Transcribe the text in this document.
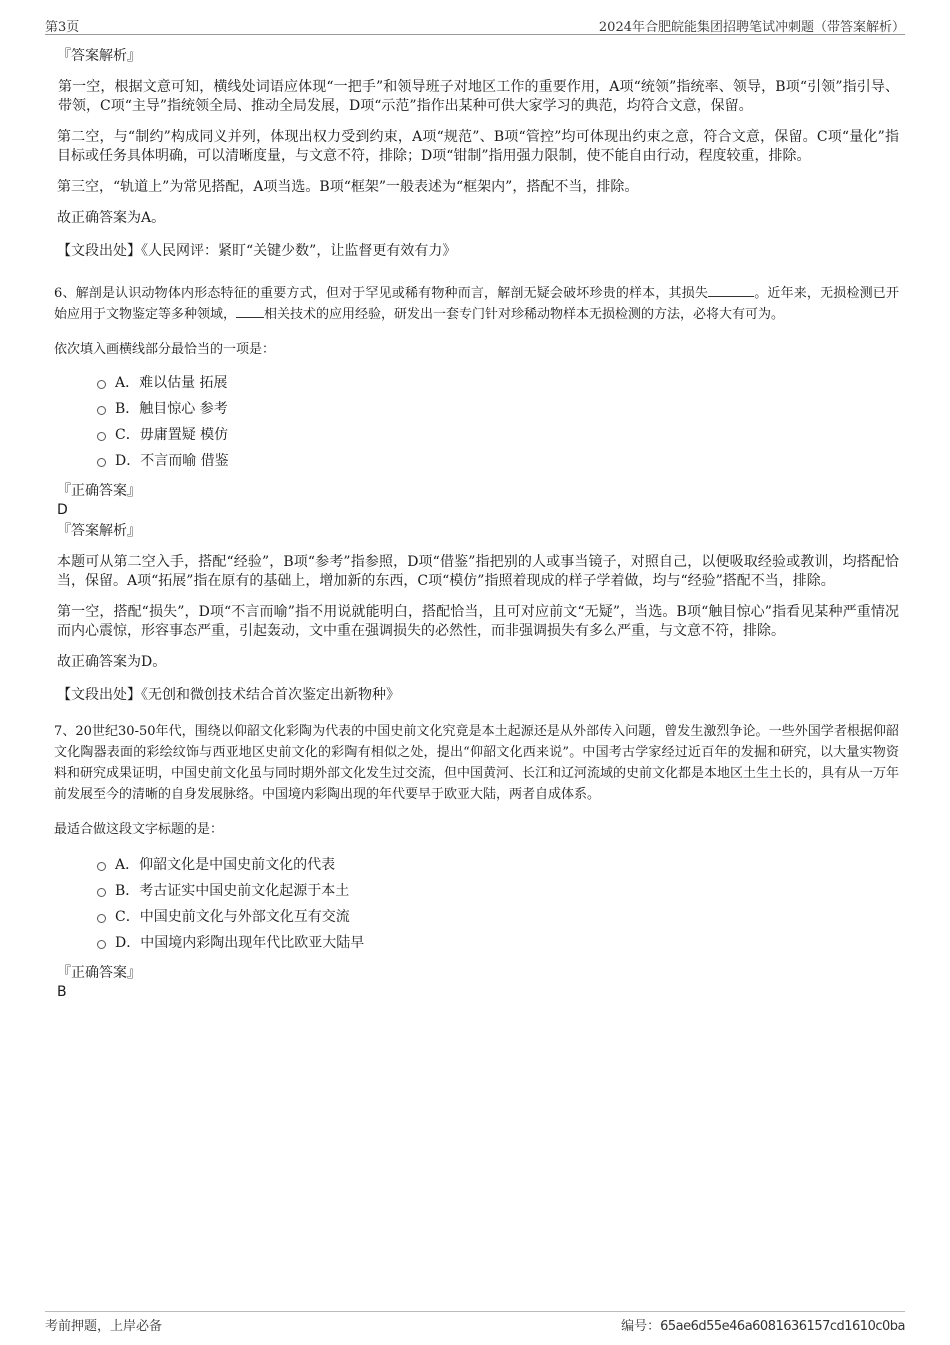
第3页	2024年合肥皖能集团招聘笔试冲刺题（带答案解析）

『答案解析』

第一空，根据文意可知，横线处词语应体现“一把手”和领导班子对地区工作的重要作用，A项“统领”指统率、领导，B项“引领”指引导、带领，C项“主导”指统领全局、推动全局发展，D项“示范”指作出某种可供大家学习的典范，均符合文意，保留。

第二空，与“制约”构成同义并列，体现出权力受到约束，A项“规范”、B项“管控”均可体现出约束之意，符合文意，保留。C项“量化”指目标或任务具体明确，可以清晰度量，与文意不符，排除；D项“钳制”指用强力限制，使不能自由行动，程度较重，排除。

第三空，“轨道上”为常见搭配，A项当选。B项“框架”一般表述为“框架内”，搭配不当，排除。

故正确答案为A。

【文段出处】《人民网评：紧盯“关键少数”，让监督更有效有力》

6、解剖是认识动物体内形态特征的重要方式，但对于罕见或稀有物种而言，解剖无疑会破坏珍贵的样本，其损失	。近年来，无损检测已开始应用于文物鉴定等多种领域， 相关技术的应用经验，研发出一套专门针对珍稀动物样本无损检测的方法，必将大有可为。

依次填入画横线部分最恰当的一项是：

A．难以估量 拓展
B．触目惊心 参考
C．毋庸置疑 模仿
D．不言而喻 借鉴

『正确答案』

D

『答案解析』

本题可从第二空入手，搭配“经验”，B项“参考”指参照，D项“借鉴”指把别的人或事当镜子，对照自己，以便吸取经验或教训，均搭配恰当，保留。A项“拓展”指在原有的基础上，增加新的东西，C项“模仿”指照着现成的样子学着做，均与“经验”搭配不当，排除。

第一空，搭配“损失”，D项“不言而喻”指不用说就能明白，搭配恰当，且可对应前文“无疑”，当选。B项“触目惊心”指看见某种严重情况而内心震惊，形容事态严重，引起轰动，文中重在强调损失的必然性，而非强调损失有多么严重，与文意不符，排除。

故正确答案为D。

【文段出处】《无创和微创技术结合首次鉴定出新物种》

7、20世纪30-50年代，围绕以仰韶文化彩陶为代表的中国史前文化究竟是本土起源还是从外部传入问题，曾发生激烈争论。一些外国学者根据仰韶文化陶器表面的彩绘纹饰与西亚地区史前文化的彩陶有相似之处，提出“仰韶文化西来说”。中国考古学家经过近百年的发掘和研究，以大量实物资料和研究成果证明，中国史前文化虽与同时期外部文化发生过交流，但中国黄河、长江和辽河流域的史前文化都是本地区土生土长的，具有从一万年前发展至今的清晰的自身发展脉络。中国境内彩陶出现的年代要早于欧亚大陆，两者自成体系。

最适合做这段文字标题的是：

A．仰韶文化是中国史前文化的代表
B．考古证实中国史前文化起源于本土
C．中国史前文化与外部文化互有交流
D．中国境内彩陶出现年代比欧亚大陆早

『正确答案』

B

考前押题，上岸必备	编号：65ae6d55e46a6081636157cd1610c0ba
